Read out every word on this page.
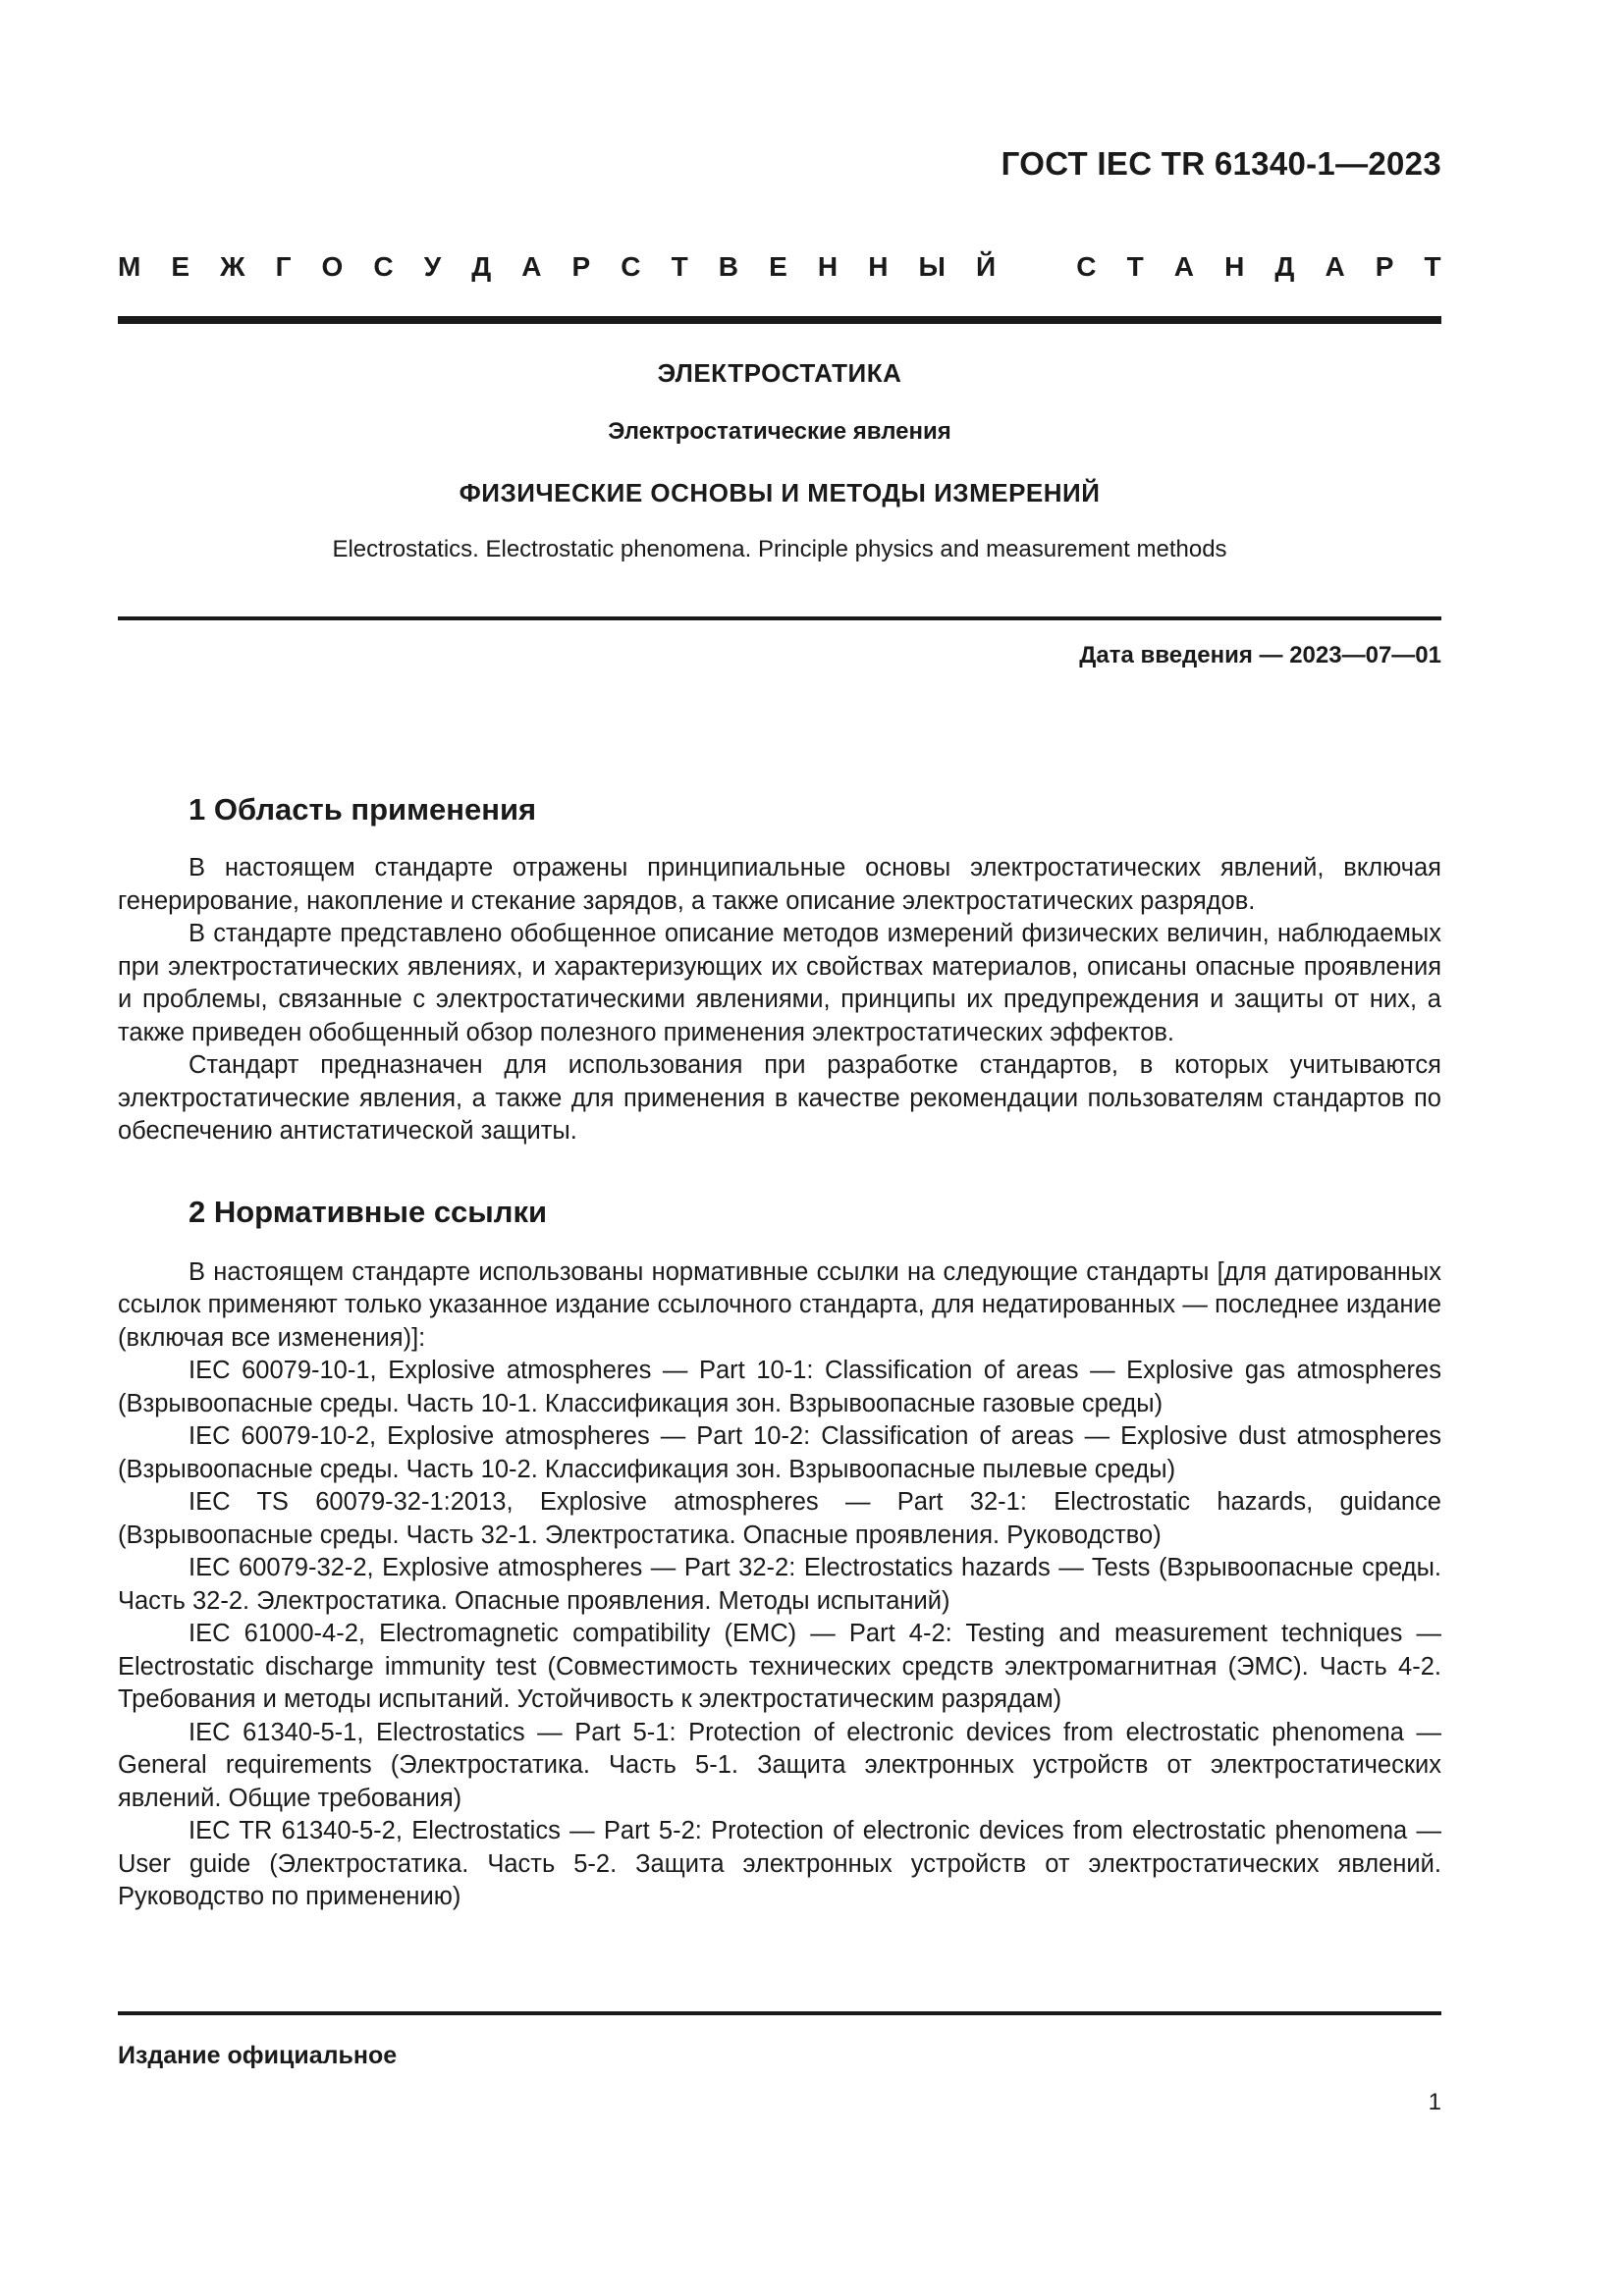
ГОСТ IEC TR 61340-1—2023
М Е Ж Г О С У Д А Р С Т В Е Н Н Ы Й
	С Т А Н Д А Р Т

ЭЛЕКТРОСТАТИКА

Электростатические явления

ФИЗИЧЕСКИЕ ОСНОВЫ И МЕТОДЫ ИЗМЕРЕНИЙ

Electrostatics. Electrostatic phenomena. Principle physics and measurement methods

Дата введения — 2023—07—01
1 Область применения

В настоящем стандарте отражены принципиальные основы электростатических явлений, включая генерирование, накопление и стекание зарядов, а также описание электростатических разрядов.

В стандарте представлено обобщенное описание методов измерений физических величин, наблюдаемых при электростатических явлениях, и характеризующих их свойствах материалов, описаны опасные проявления и проблемы, связанные с электростатическими явлениями, принципы их предупреждения и защиты от них, а также приведен обобщенный обзор полезного применения электростатических эффектов.

Стандарт предназначен для использования при разработке стандартов, в которых учитываются электростатические явления, а также для применения в качестве рекомендации пользователям стандартов по обеспечению антистатической защиты.

2 Нормативные ссылки

В настоящем стандарте использованы нормативные ссылки на следующие стандарты [для датированных ссылок применяют только указанное издание ссылочного стандарта, для недатированных — последнее издание (включая все изменения)]:

IEC 60079-10-1, Explosive atmospheres — Part 10-1: Classification of areas — Explosive gas atmospheres (Взрывоопасные среды. Часть 10-1. Классификация зон. Взрывоопасные газовые среды)

IEC 60079-10-2, Explosive atmospheres — Part 10-2: Classification of areas — Explosive dust atmospheres (Взрывоопасные среды. Часть 10-2. Классификация зон. Взрывоопасные пылевые среды)

IEC TS 60079-32-1:2013, Explosive atmospheres — Part 32-1: Electrostatic hazards, guidance (Взрывоопасные среды. Часть 32-1. Электростатика. Опасные проявления. Руководство)

IEC 60079-32-2, Explosive atmospheres — Part 32-2: Electrostatics hazards — Tests (Взрывоопасные среды. Часть 32-2. Электростатика. Опасные проявления. Методы испытаний)

IEC 61000-4-2, Electromagnetic compatibility (EMC) — Part 4-2: Testing and measurement techniques — Electrostatic discharge immunity test (Совместимость технических средств электромагнитная (ЭМС). Часть 4-2. Требования и методы испытаний. Устойчивость к электростатическим разрядам)

IEC 61340-5-1, Electrostatics — Part 5-1: Protection of electronic devices from electrostatic phenomena — General requirements (Электростатика. Часть 5-1. Защита электронных устройств от электростатических явлений. Общие требования)

IEC TR 61340-5-2, Electrostatics — Part 5-2: Protection of electronic devices from electrostatic phenomena — User guide (Электростатика. Часть 5-2. Защита электронных устройств от электростатических явлений. Руководство по применению)

Издание официальное
1
